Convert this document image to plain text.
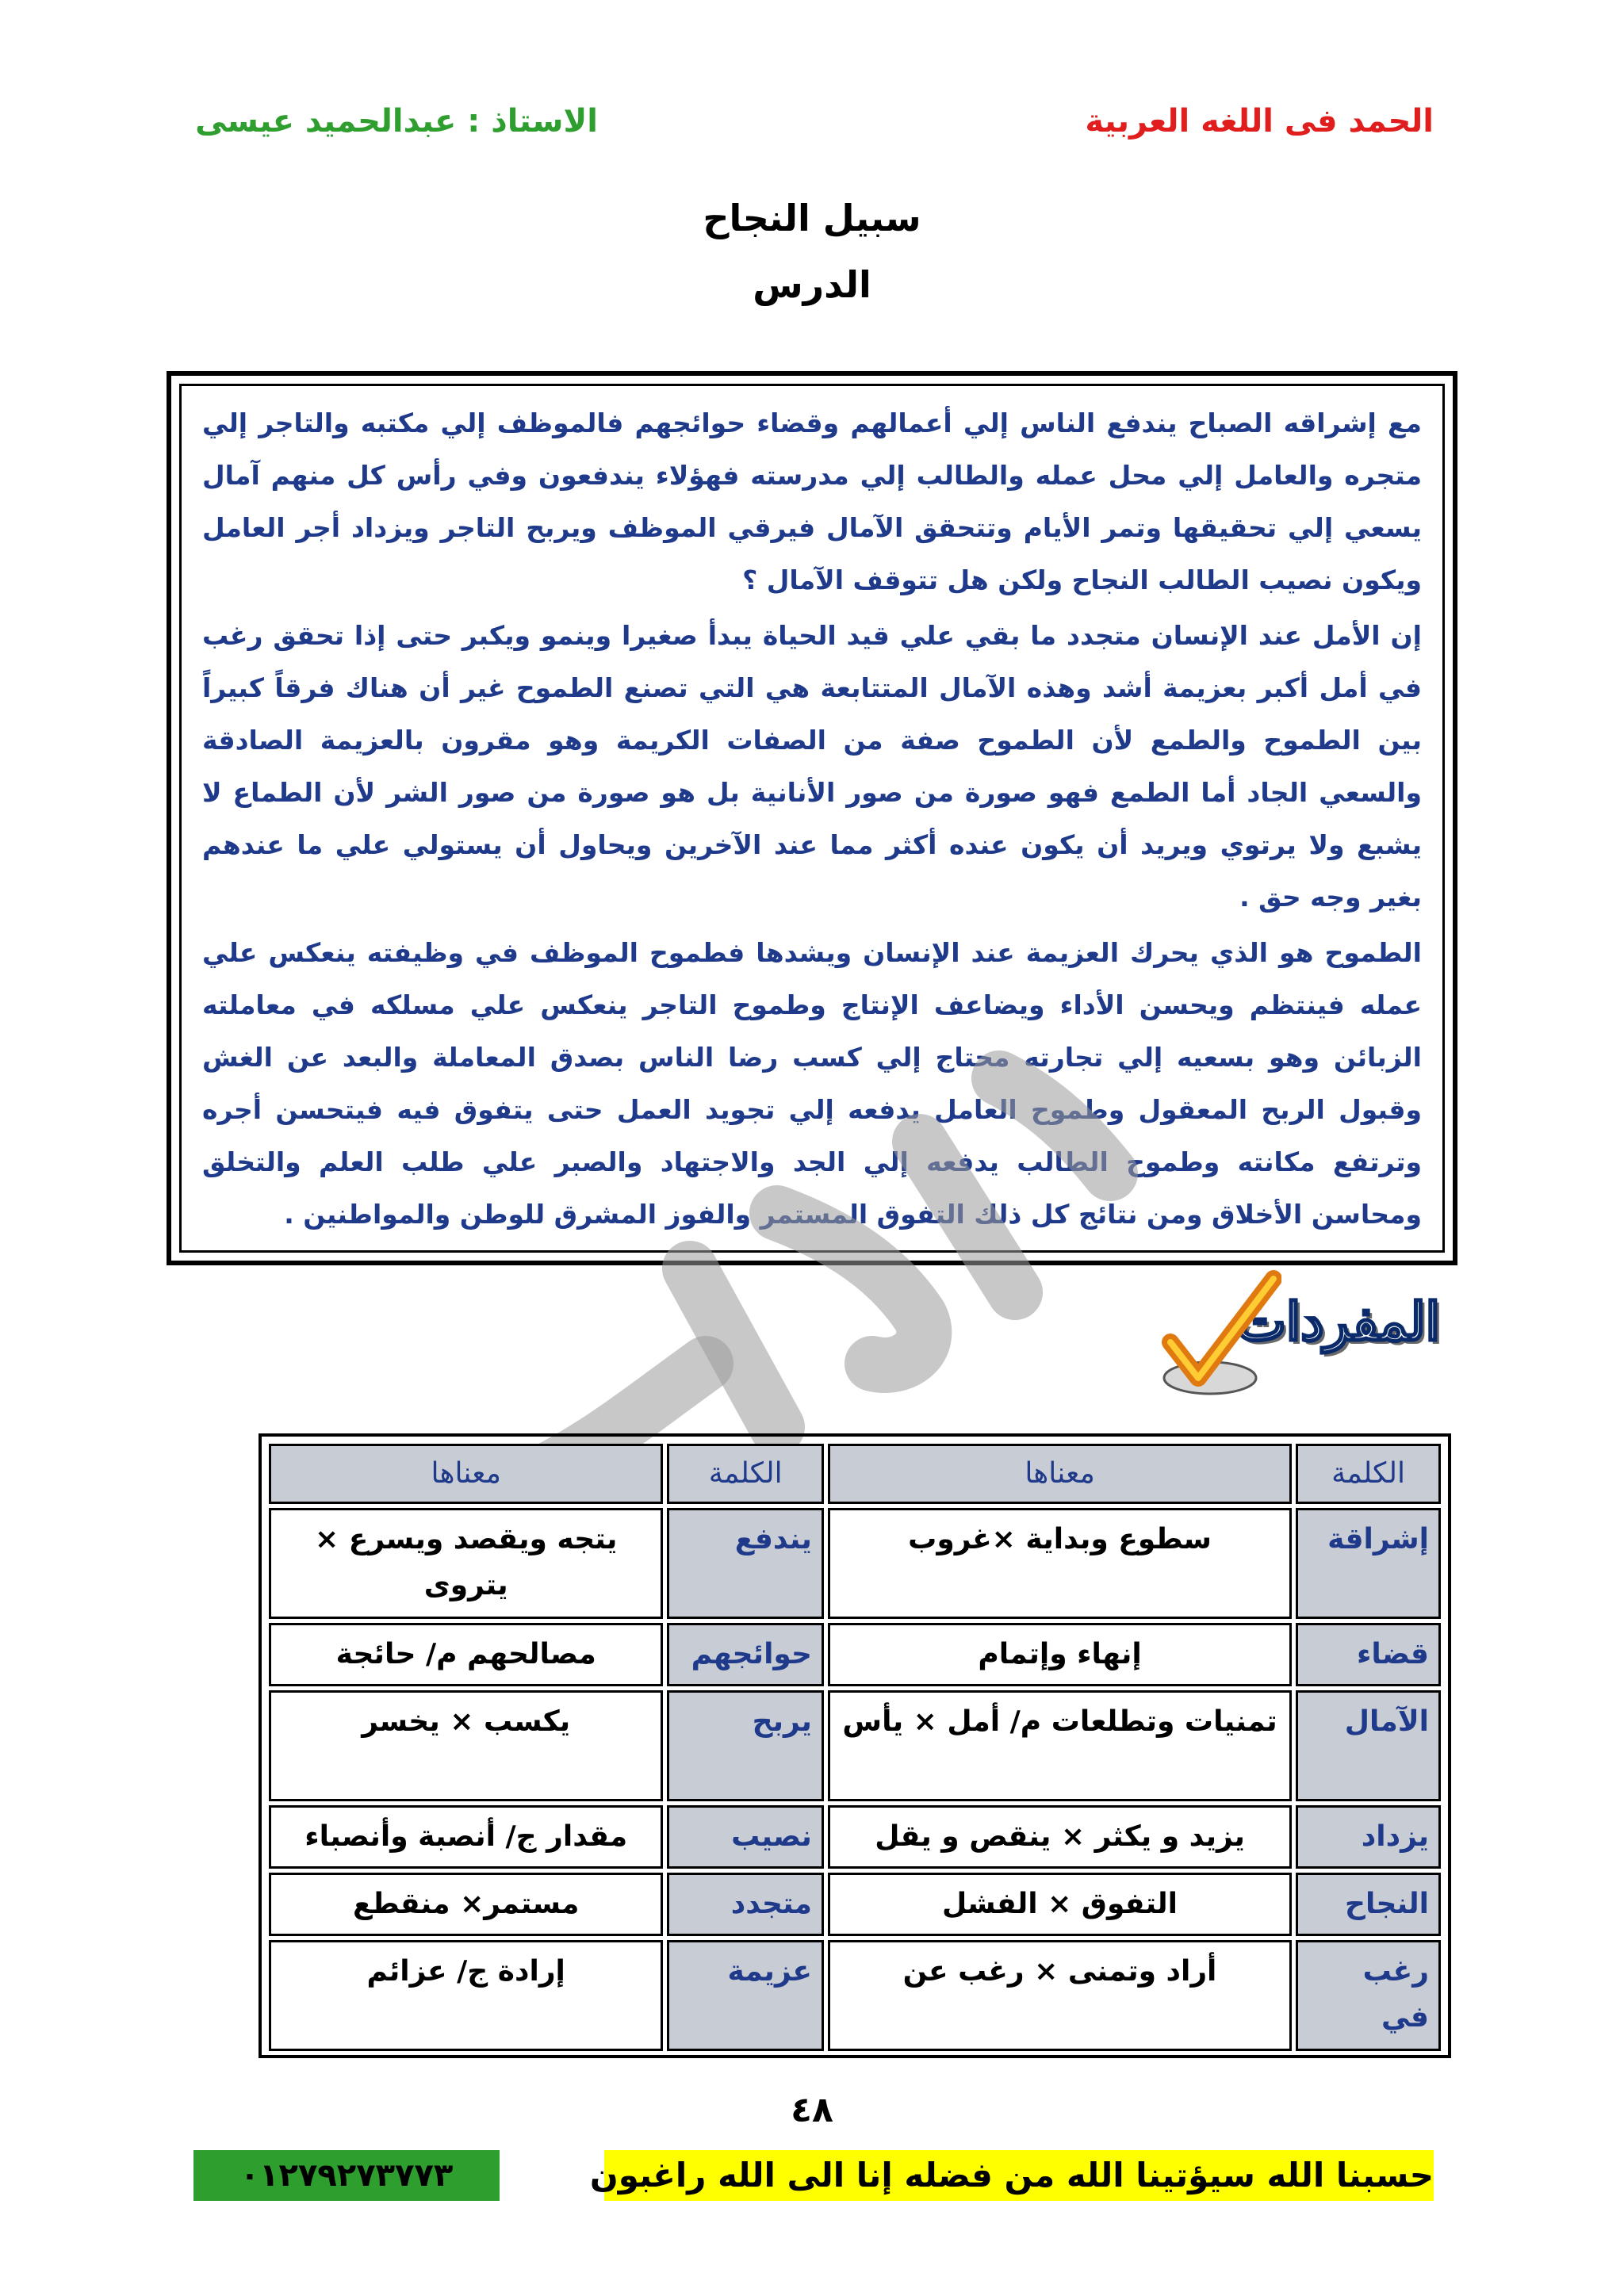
الاستاذ : عبدالحميد عيسى	الحمد فى اللغه العربية
سبيل النجاح
الدرس

مع إشراقه الصباح يندفع الناس إلي أعمالهم وقضاء حوائجهم فالموظف إلي مكتبه والتاجر إلي متجره والعامل إلي محل عمله والطالب إلي مدرسته فهؤلاء يندفعون وفي رأس كل منهم آمال يسعي إلي تحقيقها وتمر الأيام وتتحقق الآمال فيرقي الموظف ويربح التاجر ويزداد أجر العامل ويكون نصيب الطالب النجاح ولكن هل تتوقف الآمال ؟

إن الأمل عند الإنسان متجدد ما بقي علي قيد الحياة يبدأ صغيرا وينمو ويكبر حتى إذا تحقق رغب في أمل أكبر بعزيمة أشد وهذه الآمال المتتابعة هي التي تصنع الطموح غير أن هناك فرقاً كبيراً بين الطموح والطمع لأن الطموح صفة من الصفات الكريمة وهو مقرون بالعزيمة الصادقة والسعي الجاد أما الطمع فهو صورة من صور الأنانية بل هو صورة من صور الشر لأن الطماع لا يشبع ولا يرتوي ويريد أن يكون عنده أكثر مما عند الآخرين ويحاول أن يستولي علي ما عندهم بغير وجه حق .

الطموح هو الذي يحرك العزيمة عند الإنسان ويشدها فطموح الموظف في وظيفته ينعكس علي عمله فينتظم ويحسن الأداء ويضاعف الإنتاج وطموح التاجر ينعكس علي مسلكه في معاملته الزبائن وهو بسعيه إلي تجارته محتاج إلي كسب رضا الناس بصدق المعاملة والبعد عن الغش وقبول الربح المعقول وطموح العامل يدفعه إلي تجويد العمل حتى يتفوق فيه فيتحسن أجره وترتفع مكانته وطموح الطالب يدفعه إلي الجد والاجتهاد والصبر علي طلب العلم والتخلق ومحاسن الأخلاق ومن نتائج كل ذلك التفوق المستمر والفوز المشرق للوطن والمواطنين .

المفردات
الكلمة	معناها	الكلمة	معناها
إشراقة	سطوع وبداية ×غروب	يندفع	يتجه ويقصد ويسرع × يتروى
قضاء	إنهاء وإتمام	حوائجهم	مصالحهم م/ حائجة
الآمال	تمنيات وتطلعات م/ أمل × يأس	يربح	يكسب × يخسر
يزداد	يزيد و يكثر × ينقص و يقل	نصيب	مقدار ج/ أنصبة وأنصباء
النجاح	التفوق × الفشل	متجدد	مستمر× منقطع
رغب في	أراد وتمنى × رغب عن	عزيمة	إرادة ج/ عزائم
٤٨
٠١٢٧٩٢٧٣٧٧٣	حسبنا الله سيؤتينا الله من فضله إنا الى الله راغبون
